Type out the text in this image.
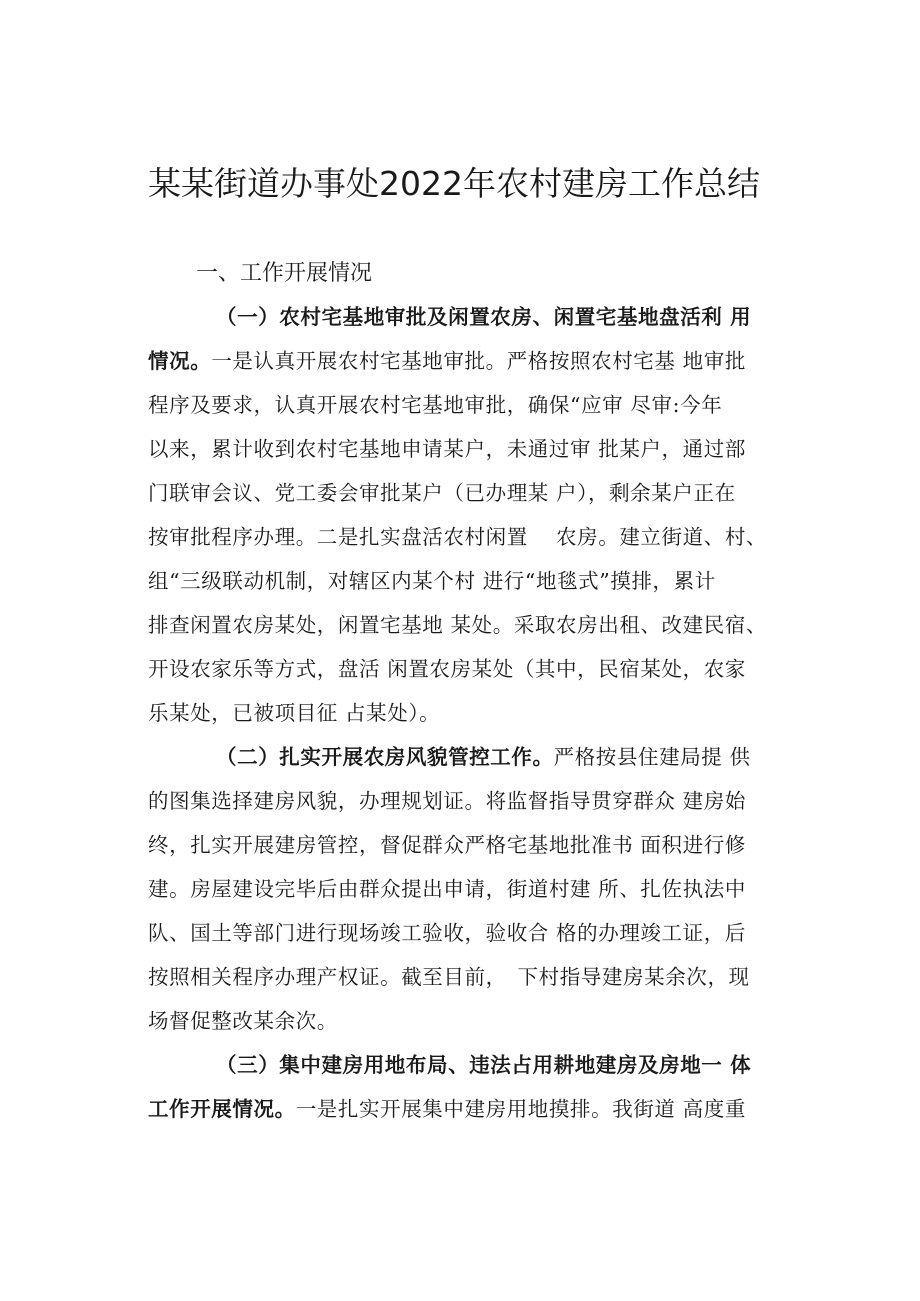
某某街道办事处2022年农村建房工作总结
一、工作开展情况
（一）农村宅基地审批及闲置农房、闲置宅基地盘活利 用
情况。一是认真开展农村宅基地审批。严格按照农村宅基 地审批
程序及要求，认真开展农村宅基地审批，确保“应审 尽审:今年
以来，累计收到农村宅基地申请某户，未通过审 批某户，通过部
门联审会议、党工委会审批某户（已办理某 户），剩余某户正在
按审批程序办理。二是扎实盘活农村闲置　 农房。建立街道、村、
组“三级联动机制，对辖区内某个村 进行“地毯式”摸排，累计
排查闲置农房某处，闲置宅基地 某处。采取农房出租、改建民宿、
开设农家乐等方式，盘活 闲置农房某处（其中，民宿某处，农家
乐某处，已被项目征 占某处）。
（二）扎实开展农房风貌管控工作。严格按县住建局提 供
的图集选择建房风貌，办理规划证。将监督指导贯穿群众 建房始
终，扎实开展建房管控，督促群众严格宅基地批准书 面积进行修
建。房屋建设完毕后由群众提出申请，街道村建 所、扎佐执法中
队、国土等部门进行现场竣工验收，验收合 格的办理竣工证，后
按照相关程序办理产权证。截至目前，　下村指导建房某余次，现
场督促整改某余次。
（三）集中建房用地布局、违法占用耕地建房及房地一 体
工作开展情况。一是扎实开展集中建房用地摸排。我街道 高度重
